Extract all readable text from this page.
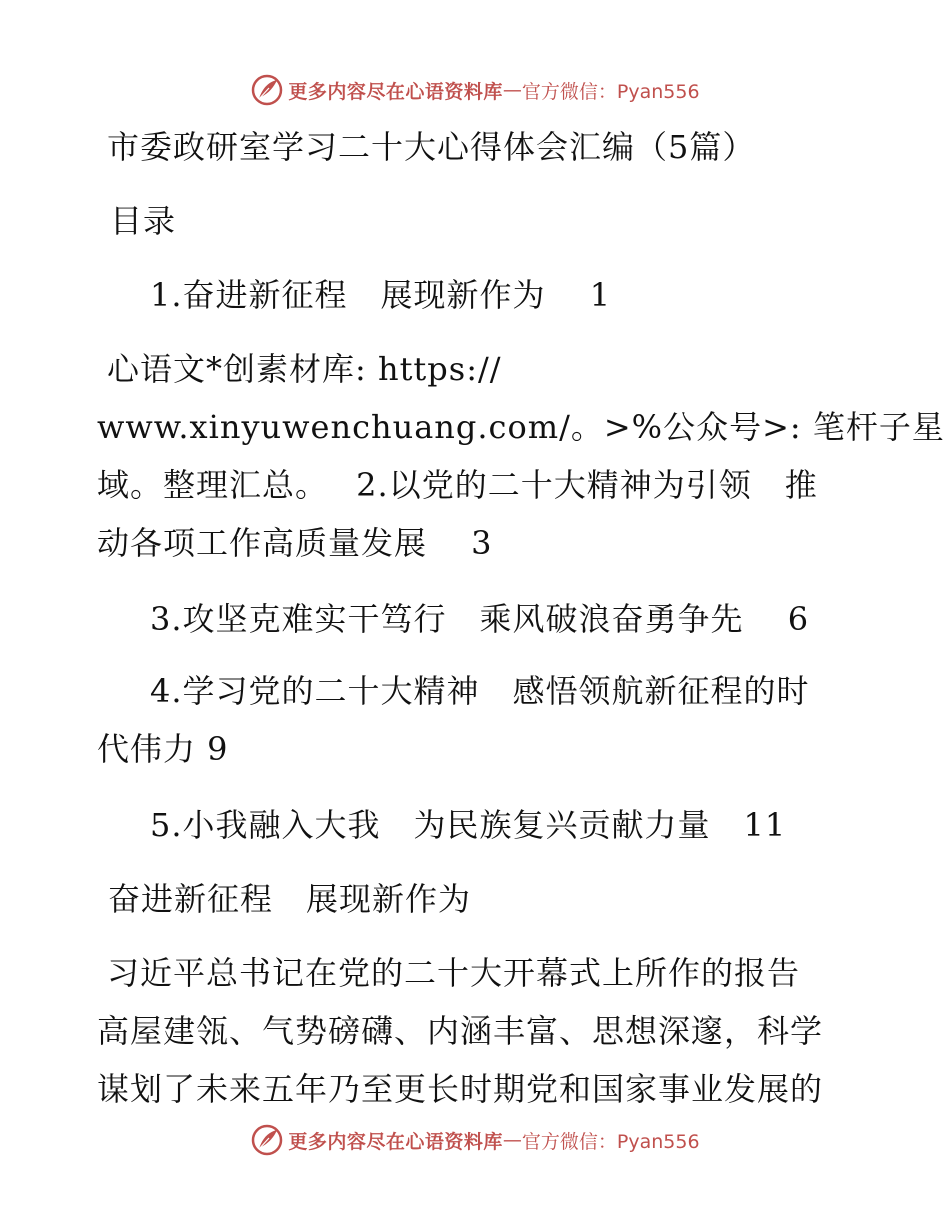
更多内容尽在心语资料库 — 官方微信：Pyan556
市委政研室学习二十大心得体会汇编（5篇）
目录
1.奋进新征程　展现新作为　 1
心语文*创素材库: https://
www.xinyuwenchuang.com/。>%公众号>: 笔杆子星
域。整理汇总。　 2.以党的二十大精神为引领　推
动各项工作高质量发展　 3
3.攻坚克难实干笃行　乘风破浪奋勇争先　 6
4.学习党的二十大精神　感悟领航新征程的时
代伟力 9
5.小我融入大我　为民族复兴贡献力量　11
奋进新征程　展现新作为
习近平总书记在党的二十大开幕式上所作的报告
高屋建瓴、气势磅礴、内涵丰富、思想深邃，科学
谋划了未来五年乃至更长时期党和国家事业发展的
更多内容尽在心语资料库 — 官方微信：Pyan556
